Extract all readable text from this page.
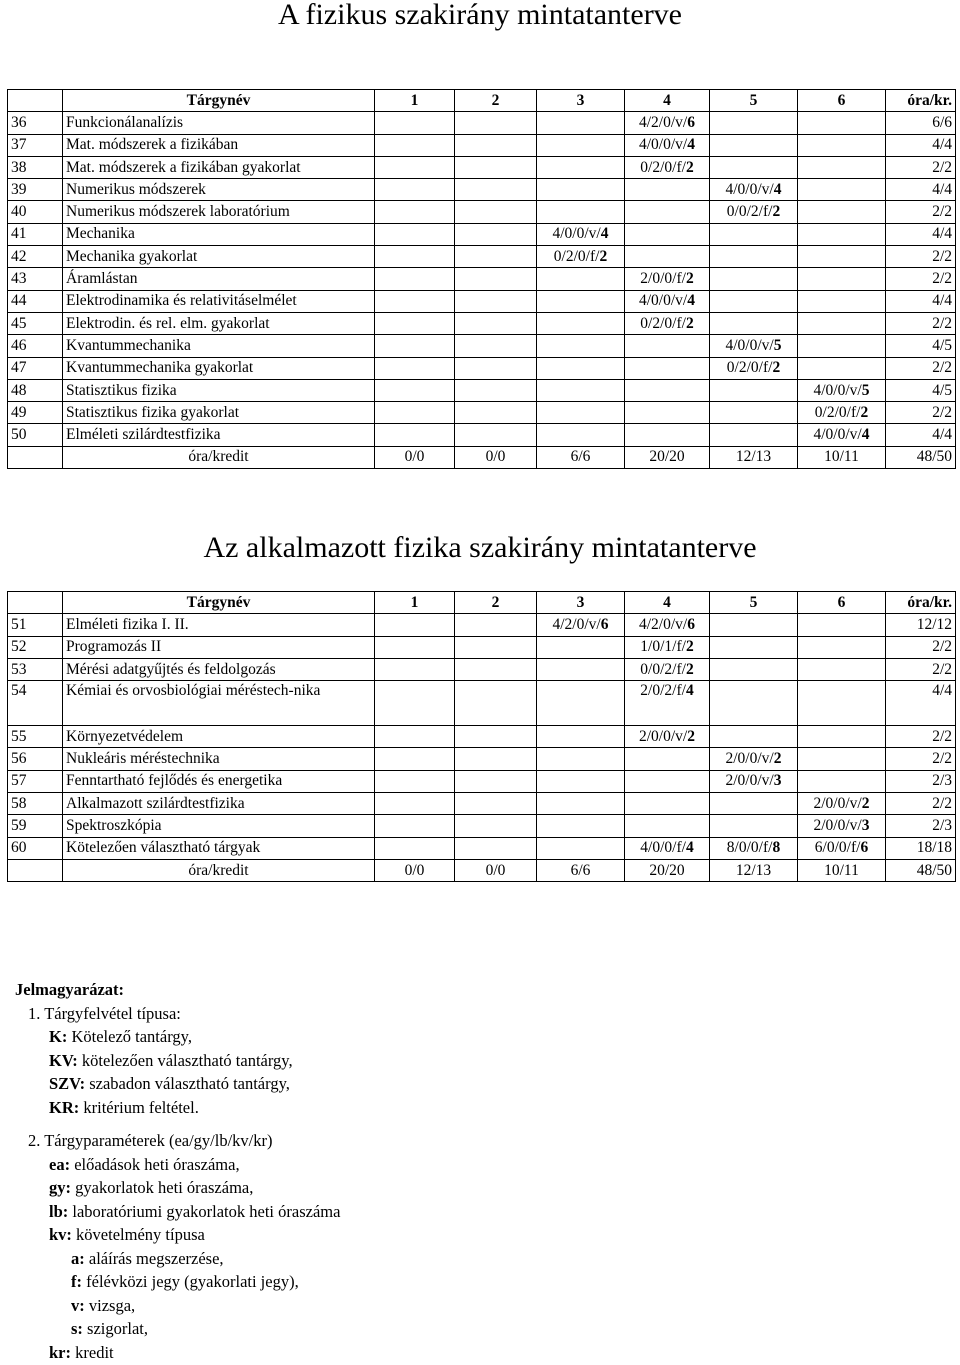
A fizikus szakirány mintatanterve
	Tárgynév	1	2	3	4	5	6	óra/kr.
36	Funkcionálanalízis				4/2/0/v/6			6/6
37	Mat. módszerek a fizikában				4/0/0/v/4			4/4
38	Mat. módszerek a fizikában gyakorlat				0/2/0/f/2			2/2
39	Numerikus módszerek					4/0/0/v/4		4/4
40	Numerikus módszerek laboratórium					0/0/2/f/2		2/2
41	Mechanika			4/0/0/v/4				4/4
42	Mechanika gyakorlat			0/2/0/f/2				2/2
43	Áramlástan				2/0/0/f/2			2/2
44	Elektrodinamika és relativitáselmélet				4/0/0/v/4			4/4
45	Elektrodin. és rel. elm. gyakorlat				0/2/0/f/2			2/2
46	Kvantummechanika					4/0/0/v/5		4/5
47	Kvantummechanika gyakorlat					0/2/0/f/2		2/2
48	Statisztikus fizika						4/0/0/v/5	4/5
49	Statisztikus fizika gyakorlat						0/2/0/f/2	2/2
50	Elméleti szilárdtestfizika						4/0/0/v/4	4/4
	óra/kredit	0/0	0/0	6/6	20/20	12/13	10/11	48/50
Az alkalmazott fizika szakirány mintatanterve
	Tárgynév	1	2	3	4	5	6	óra/kr.
51	Elméleti fizika I. II.			4/2/0/v/6	4/2/0/v/6			12/12
52	Programozás II				1/0/1/f/2			2/2
53	Mérési adatgyűjtés és feldolgozás				0/0/2/f/2			2/2
54	Kémiai és orvosbiológiai méréstech-nika				2/0/2/f/4			4/4
55	Környezetvédelem				2/0/0/v/2			2/2
56	Nukleáris méréstechnika					2/0/0/v/2		2/2
57	Fenntartható fejlődés és energetika					2/0/0/v/3		2/3
58	Alkalmazott szilárdtestfizika						2/0/0/v/2	2/2
59	Spektroszkópia						2/0/0/v/3	2/3
60	Kötelezően választható tárgyak				4/0/0/f/4	8/0/0/f/8	6/0/0/f/6	18/18
	óra/kredit	0/0	0/0	6/6	20/20	12/13	10/11	48/50
Jelmagyarázat:
1. Tárgyfelvétel típusa:
K: Kötelező tantárgy,
KV: kötelezően választható tantárgy,
SZV: szabadon választható tantárgy,
KR: kritérium feltétel.
2. Tárgyparaméterek (ea/gy/lb/kv/kr)
ea: előadások heti óraszáma,
gy: gyakorlatok heti óraszáma,
lb: laboratóriumi gyakorlatok heti óraszáma
kv: követelmény típusa
a: aláírás megszerzése,
f: félévközi jegy (gyakorlati jegy),
v: vizsga,
s: szigorlat,
kr: kredit
